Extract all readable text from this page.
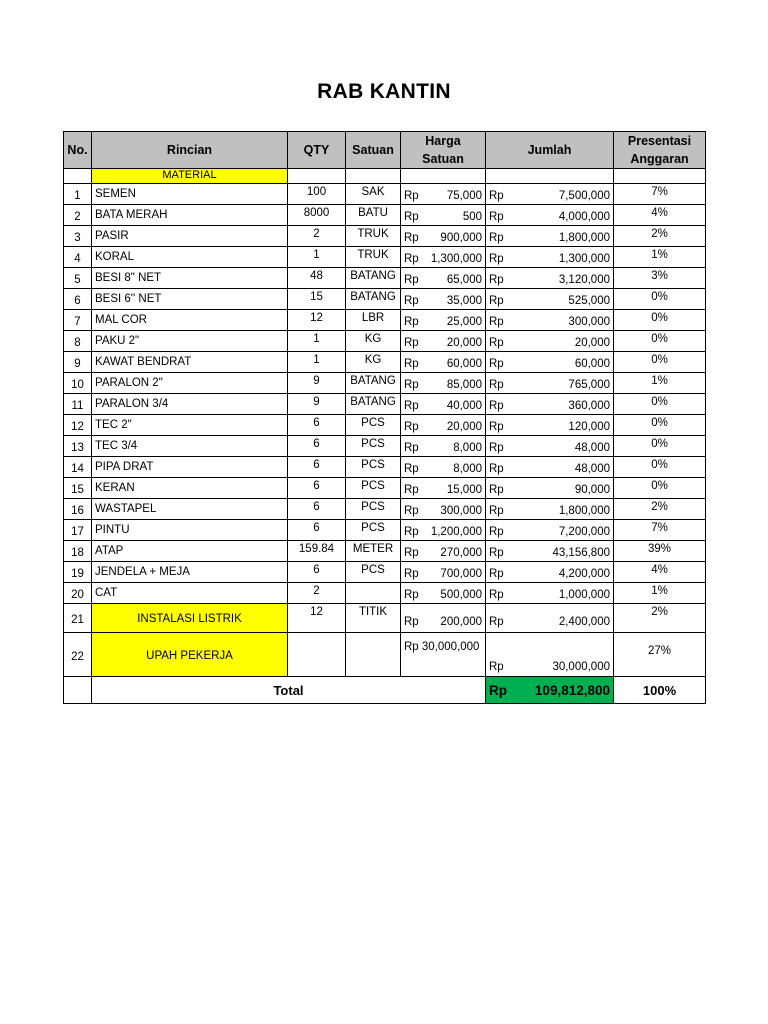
RAB KANTIN
No.	Rincian	QTY	Satuan	Harga Satuan	Jumlah	Presentasi Anggaran
	MATERIAL					
1	SEMEN	100	SAK	Rp 75,000	Rp 7,500,000	7%
2	BATA MERAH	8000	BATU	Rp 500	Rp 4,000,000	4%
3	PASIR	2	TRUK	Rp 900,000	Rp 1,800,000	2%
4	KORAL	1	TRUK	Rp 1,300,000	Rp 1,300,000	1%
5	BESI 8" NET	48	BATANG	Rp 65,000	Rp 3,120,000	3%
6	BESI 6'' NET	15	BATANG	Rp 35,000	Rp 525,000	0%
7	MAL COR	12	LBR	Rp 25,000	Rp 300,000	0%
8	PAKU 2"	1	KG	Rp 20,000	Rp 20,000	0%
9	KAWAT BENDRAT	1	KG	Rp 60,000	Rp 60,000	0%
10	PARALON 2"	9	BATANG	Rp 85,000	Rp 765,000	1%
11	PARALON 3/4	9	BATANG	Rp 40,000	Rp 360,000	0%
12	TEC 2"	6	PCS	Rp 20,000	Rp 120,000	0%
13	TEC 3/4	6	PCS	Rp 8,000	Rp 48,000	0%
14	PIPA DRAT	6	PCS	Rp 8,000	Rp 48,000	0%
15	KERAN	6	PCS	Rp 15,000	Rp 90,000	0%
16	WASTAPEL	6	PCS	Rp 300,000	Rp 1,800,000	2%
17	PINTU	6	PCS	Rp 1,200,000	Rp 7,200,000	7%
18	ATAP	159.84	METER	Rp 270,000	Rp 43,156,800	39%
19	JENDELA + MEJA	6	PCS	Rp 700,000	Rp 4,200,000	4%
20	CAT	2		Rp 500,000	Rp 1,000,000	1%
21	INSTALASI LISTRIK	12	TITIK	Rp 200,000	Rp 2,400,000	2%
22	UPAH PEKERJA			Rp 30,000,000	Rp 30,000,000	27%
	Total				Rp 109,812,800	100%
